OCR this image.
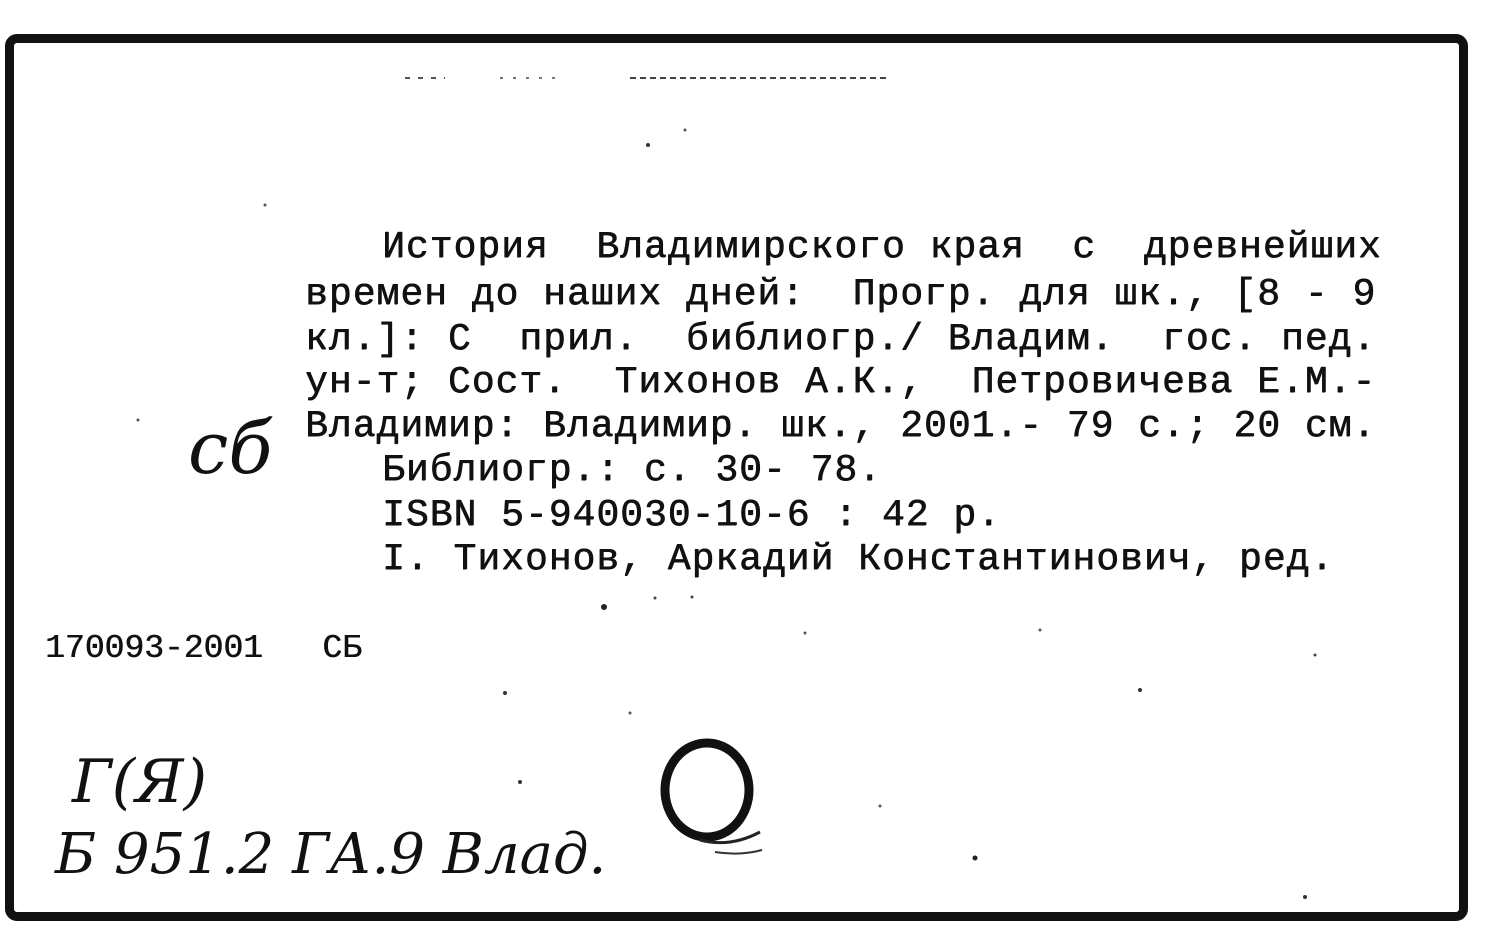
История  Владимирского края  с  древнейших
времен до наших дней:  Прогр. для шк., [8 - 9
кл.]: С  прил.  библиогр./ Владим.  гос. пед.
ун-т; Сост.  Тихонов А.К.,  Петровичева Е.М.-
Владимир: Владимир. шк., 2001.- 79 с.; 20 см.
Библиогр.: с. 30- 78.
ISBN 5-940030-10-6 : 42 р.
I. Тихонов, Аркадий Константинович, ред.
170093-2001 СБ
сб
Г(Я)
Б 951.2 ГА.9 Влад.
